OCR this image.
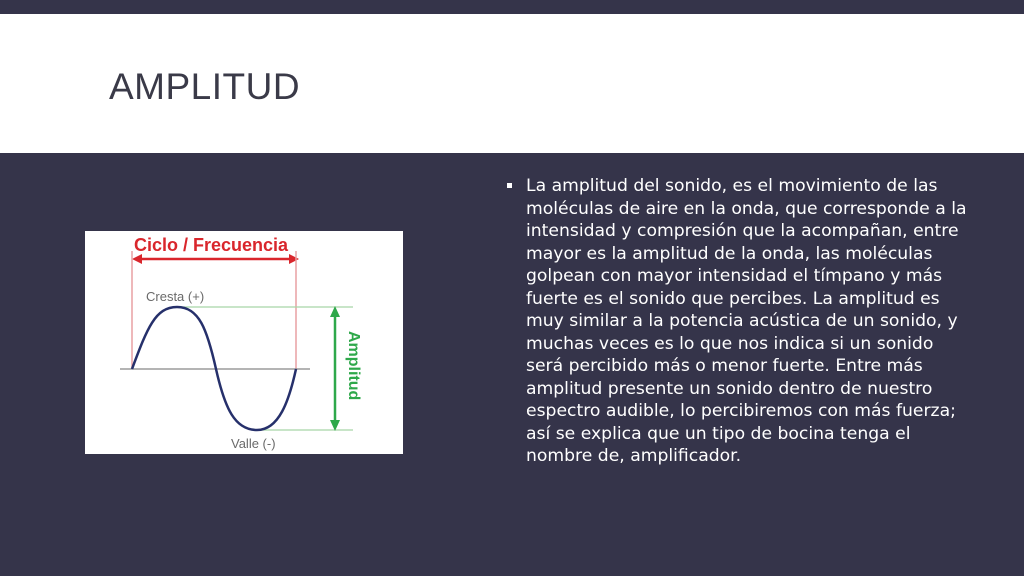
AMPLITUD
Ciclo / Frecuencia
Cresta (+)
Amplitud
Valle (-)

La amplitud del sonido, es el movimiento de las moléculas de aire en la onda, que corresponde a la intensidad y compresión que la acompañan, entre mayor es la amplitud de la onda, las moléculas golpean con mayor intensidad el tímpano y más fuerte es el sonido que percibes. La amplitud es muy similar a la potencia acústica de un sonido, y muchas veces es lo que nos indica si un sonido será percibido más o menor fuerte. Entre más amplitud presente un sonido dentro de nuestro espectro audible, lo percibiremos con más fuerza; así se explica que un tipo de bocina tenga el nombre de, amplificador.
